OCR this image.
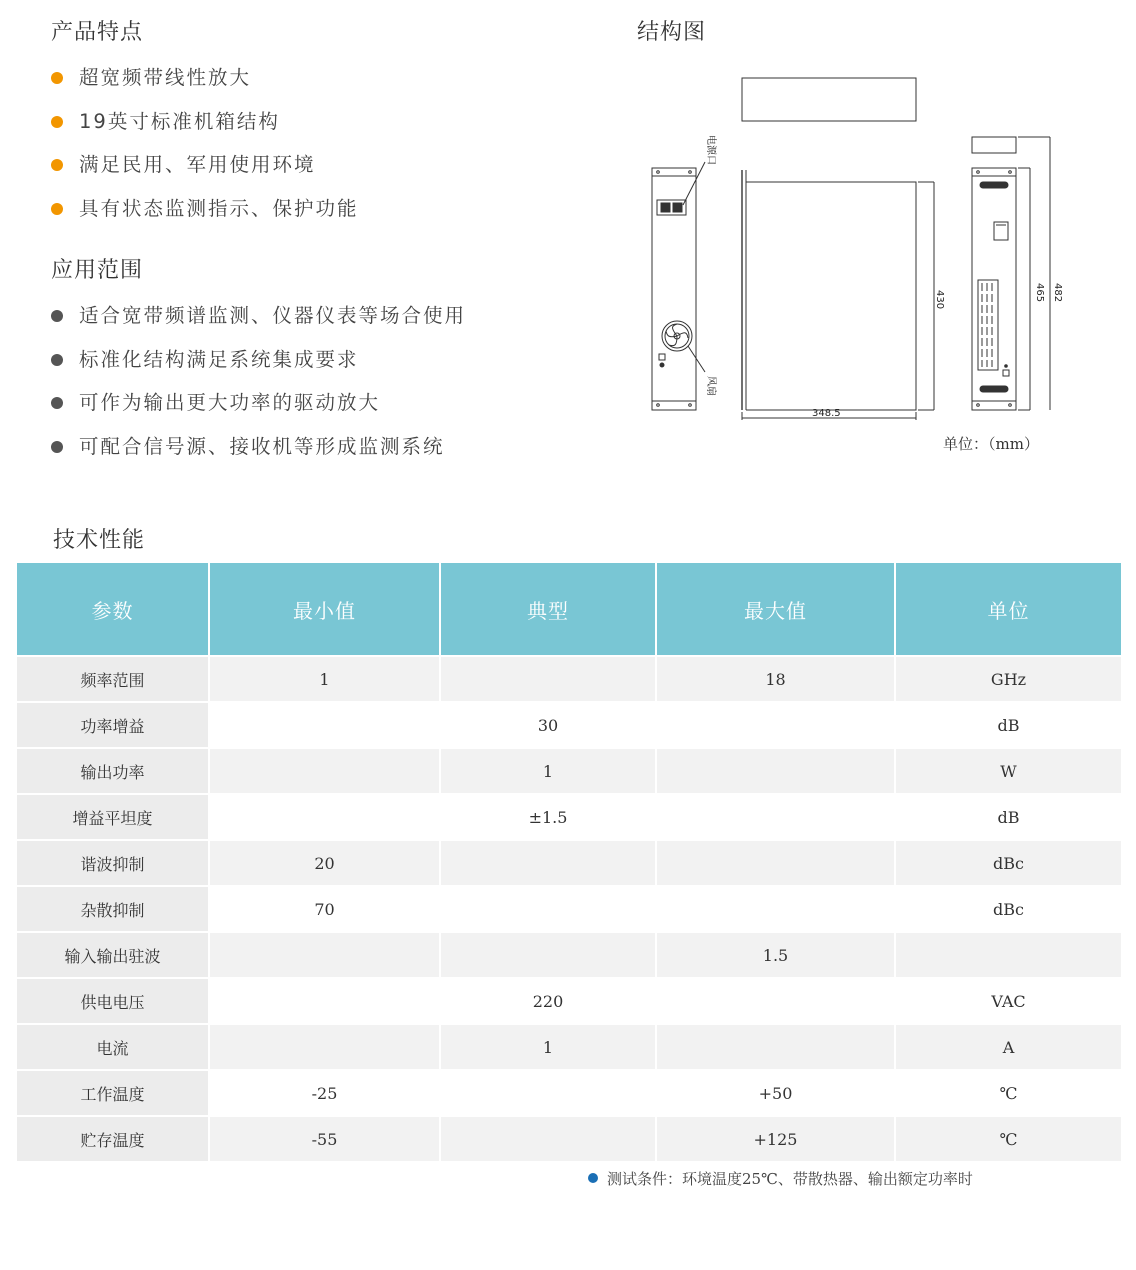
产品特点
超宽频带线性放大
19英寸标准机箱结构
满足民用、军用使用环境
具有状态监测指示、保护功能
应用范围
适合宽带频谱监测、仪器仪表等场合使用
标准化结构满足系统集成要求
可作为输出更大功率的驱动放大
可配合信号源、接收机等形成监测系统
结构图
电源口
风扇
430
348.5
465 482
单位：（mm）
技术性能
参数	最小值	典型	最大值	单位
频率范围	1		18	GHz
功率增益		30		dB
输出功率		1		W
增益平坦度		±1.5		dB
谐波抑制	20			dBc
杂散抑制	70			dBc
输入输出驻波			1.5	
供电电压		220		VAC
电流		1		A
工作温度	-25		+50	℃
贮存温度	-55		+125	℃
测试条件：环境温度25℃、带散热器、输出额定功率时
